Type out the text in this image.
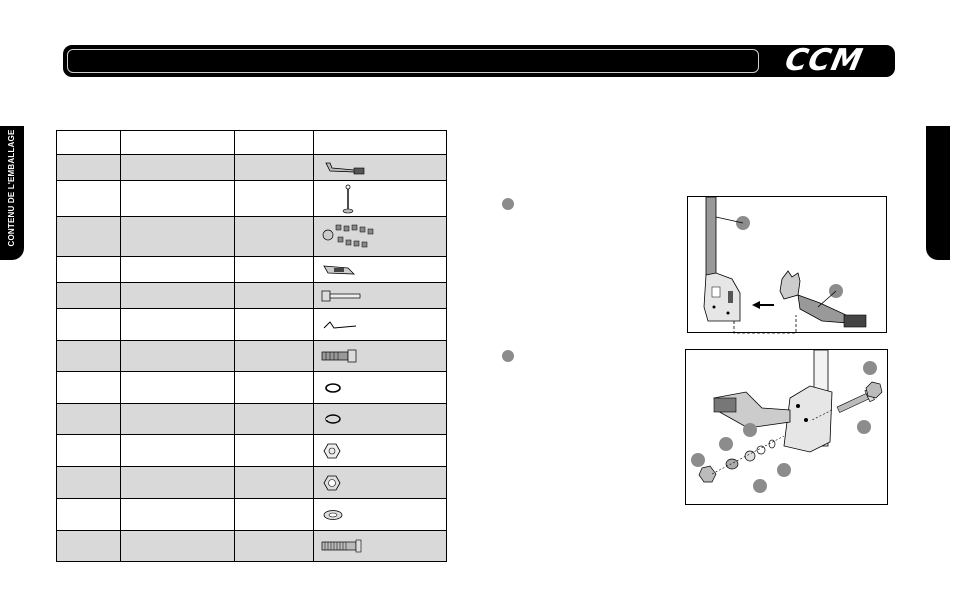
CCM
CONTENU DE L'EMBALLAGE
ASSEMBLAGE
